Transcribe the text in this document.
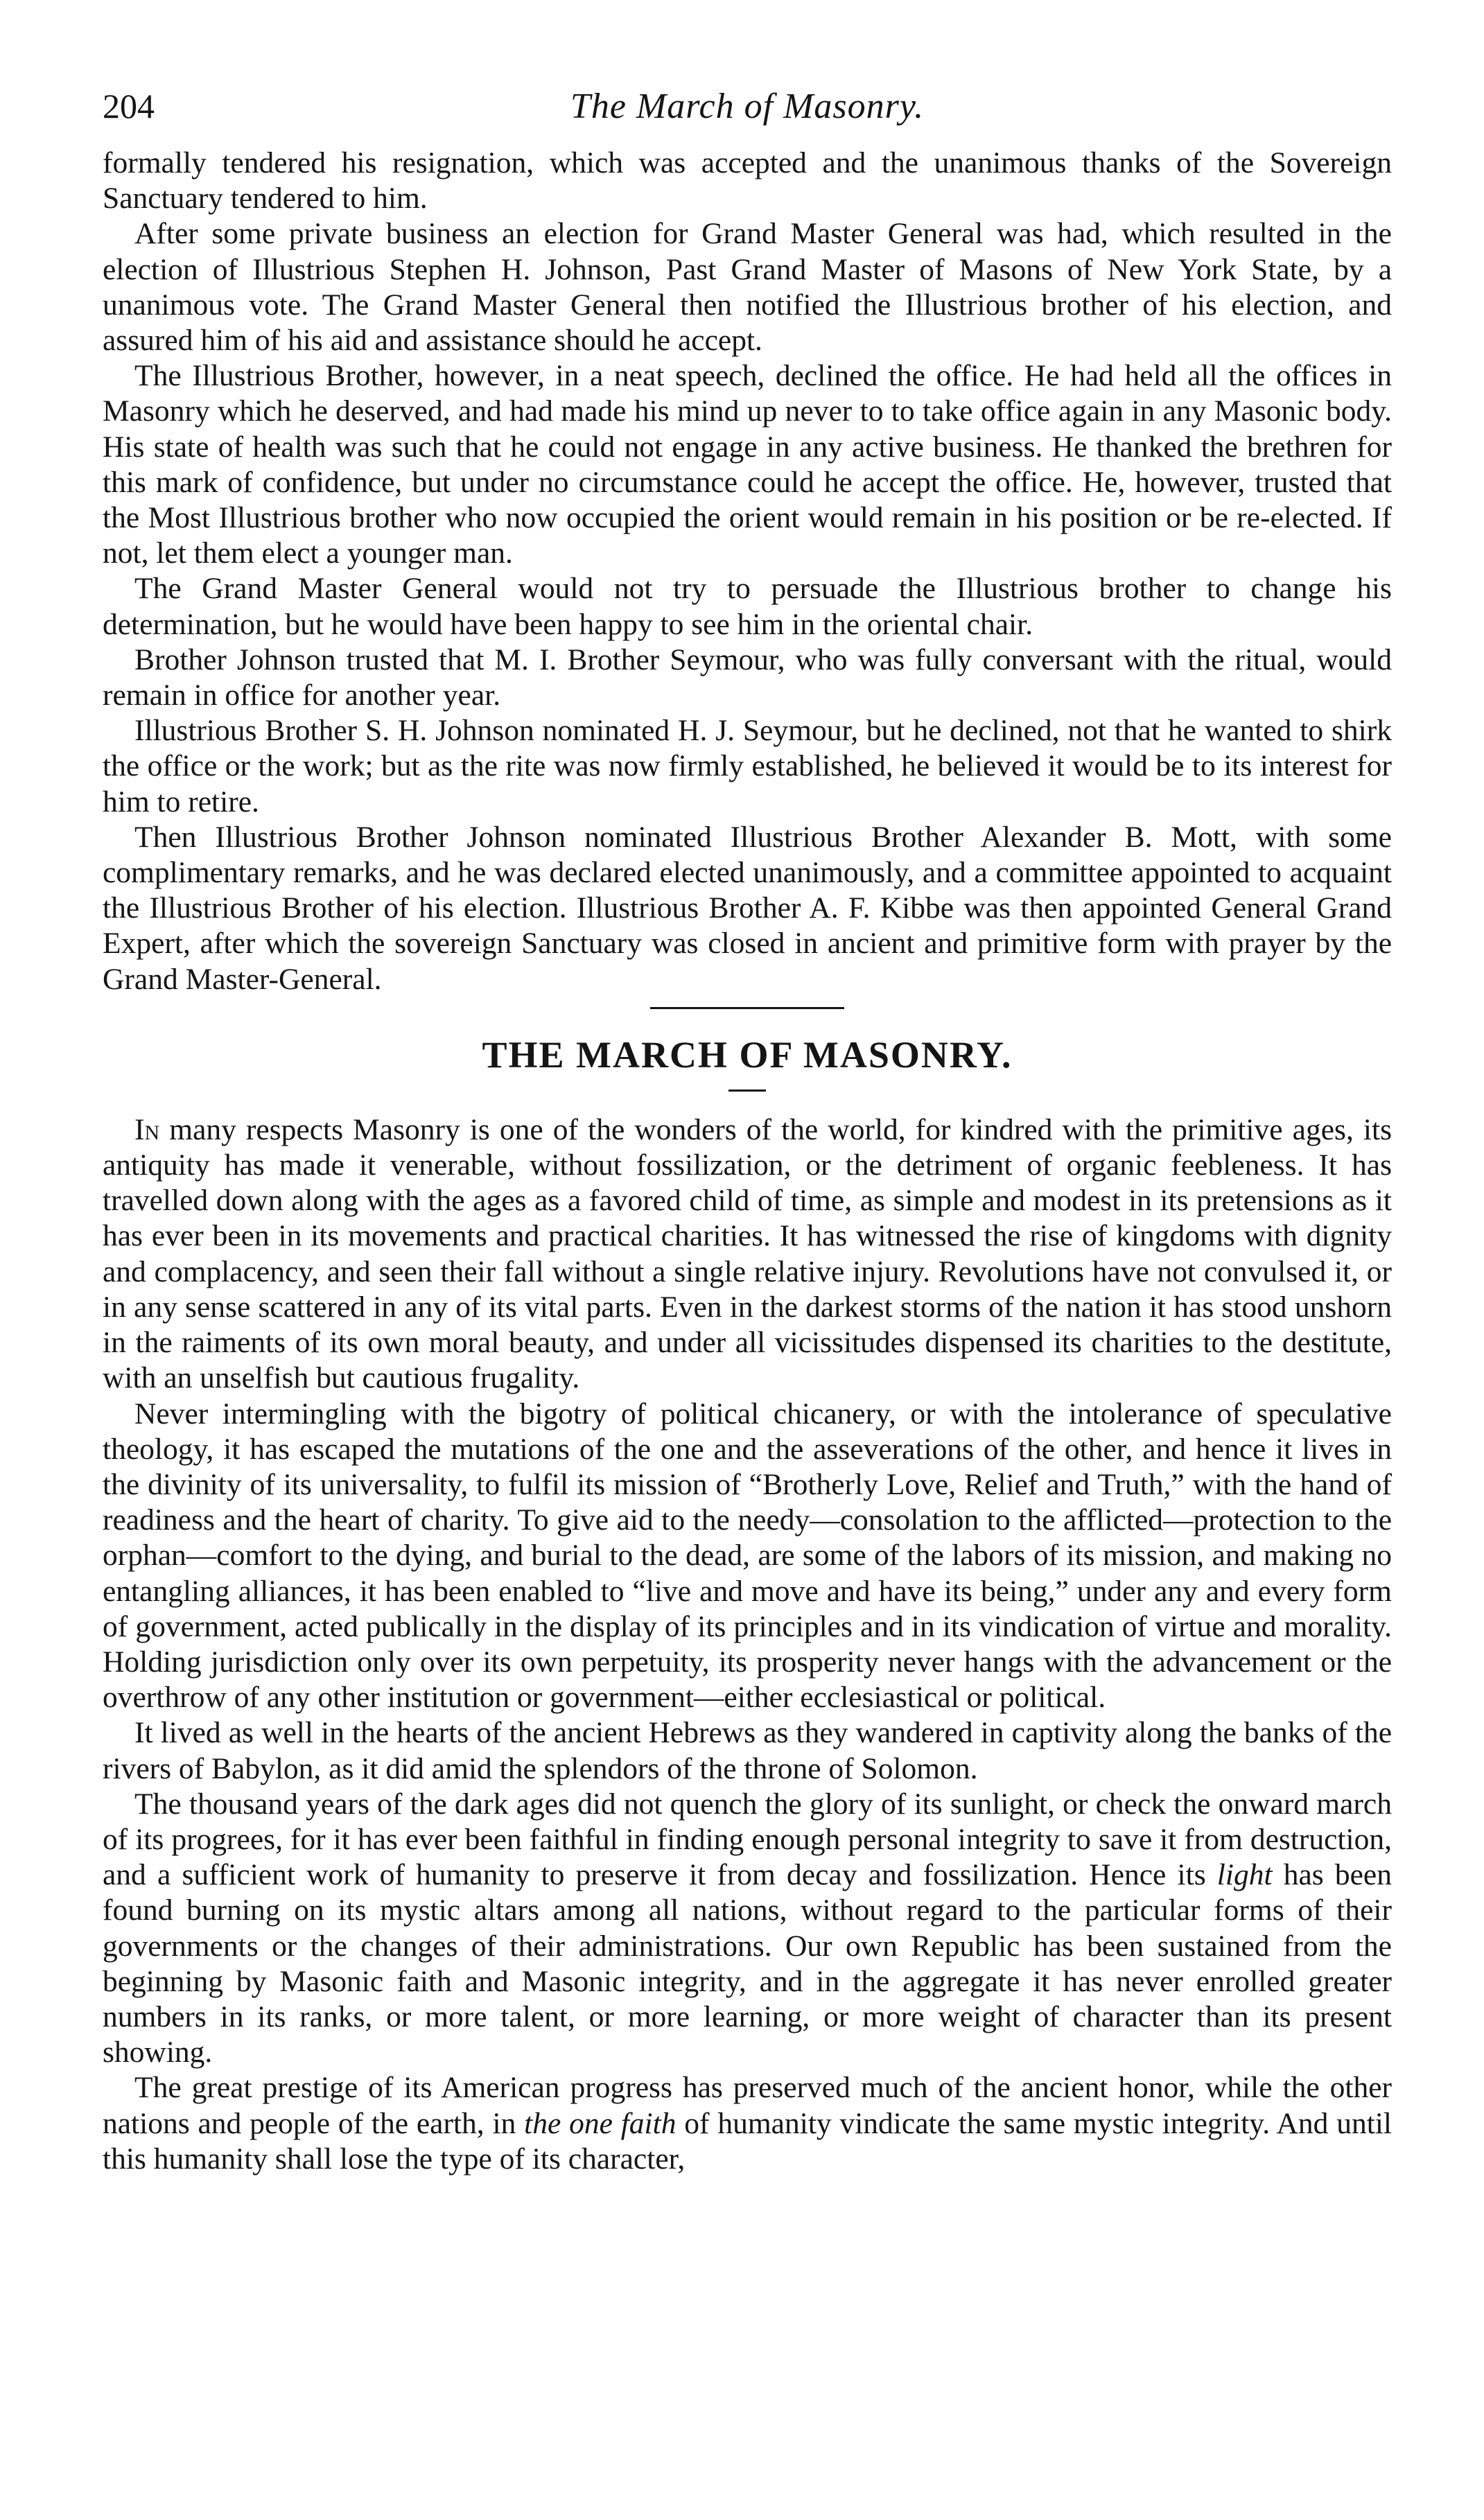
204	The March of Masonry.

formally tendered his resignation, which was accepted and the unanimous thanks of the Sovereign Sanctuary tendered to him.

After some private business an election for Grand Master General was had, which resulted in the election of Illustrious Stephen H. Johnson, Past Grand Master of Masons of New York State, by a unanimous vote. The Grand Master General then notified the Illustrious brother of his election, and assured him of his aid and assistance should he accept.

The Illustrious Brother, however, in a neat speech, declined the office. He had held all the offices in Masonry which he deserved, and had made his mind up never to to take office again in any Masonic body. His state of health was such that he could not engage in any active business. He thanked the brethren for this mark of confidence, but under no circumstance could he accept the office. He, however, trusted that the Most Illustrious brother who now occupied the orient would remain in his position or be re-elected. If not, let them elect a younger man.

The Grand Master General would not try to persuade the Illustrious brother to change his determination, but he would have been happy to see him in the oriental chair.

Brother Johnson trusted that M. I. Brother Seymour, who was fully conversant with the ritual, would remain in office for another year.

Illustrious Brother S. H. Johnson nominated H. J. Seymour, but he declined, not that he wanted to shirk the office or the work; but as the rite was now firmly established, he believed it would be to its interest for him to retire.

Then Illustrious Brother Johnson nominated Illustrious Brother Alexander B. Mott, with some complimentary remarks, and he was declared elected unanimously, and a committee appointed to acquaint the Illustrious Brother of his election. Illustrious Brother A. F. Kibbe was then appointed General Grand Expert, after which the sovereign Sanctuary was closed in ancient and primitive form with prayer by the Grand Master-General.

THE MARCH OF MASONRY.

In many respects Masonry is one of the wonders of the world, for kindred with the primitive ages, its antiquity has made it venerable, without fossilization, or the detriment of organic feebleness. It has travelled down along with the ages as a favored child of time, as simple and modest in its pretensions as it has ever been in its movements and practical charities. It has witnessed the rise of kingdoms with dignity and complacency, and seen their fall without a single relative injury. Revolutions have not convulsed it, or in any sense scattered in any of its vital parts. Even in the darkest storms of the nation it has stood unshorn in the raiments of its own moral beauty, and under all vicissitudes dispensed its charities to the destitute, with an unselfish but cautious frugality.

Never intermingling with the bigotry of political chicanery, or with the intolerance of speculative theology, it has escaped the mutations of the one and the asseverations of the other, and hence it lives in the divinity of its universality, to fulfil its mission of “Brotherly Love, Relief and Truth,” with the hand of readiness and the heart of charity. To give aid to the needy—consolation to the afflicted—protection to the orphan—comfort to the dying, and burial to the dead, are some of the labors of its mission, and making no entangling alliances, it has been enabled to “live and move and have its being,” under any and every form of government, acted publically in the display of its principles and in its vindication of virtue and morality. Holding jurisdiction only over its own perpetuity, its prosperity never hangs with the advancement or the overthrow of any other institution or government—either ecclesiastical or political.

It lived as well in the hearts of the ancient Hebrews as they wandered in captivity along the banks of the rivers of Babylon, as it did amid the splendors of the throne of Solomon.

The thousand years of the dark ages did not quench the glory of its sunlight, or check the onward march of its progrees, for it has ever been faithful in finding enough personal integrity to save it from destruction, and a sufficient work of humanity to preserve it from decay and fossilization. Hence its light has been found burning on its mystic altars among all nations, without regard to the particular forms of their governments or the changes of their administrations. Our own Republic has been sustained from the beginning by Masonic faith and Masonic integrity, and in the aggregate it has never enrolled greater numbers in its ranks, or more talent, or more learning, or more weight of character than its present showing.

The great prestige of its American progress has preserved much of the ancient honor, while the other nations and people of the earth, in the one faith of humanity vindicate the same mystic integrity. And until this humanity shall lose the type of its character,
